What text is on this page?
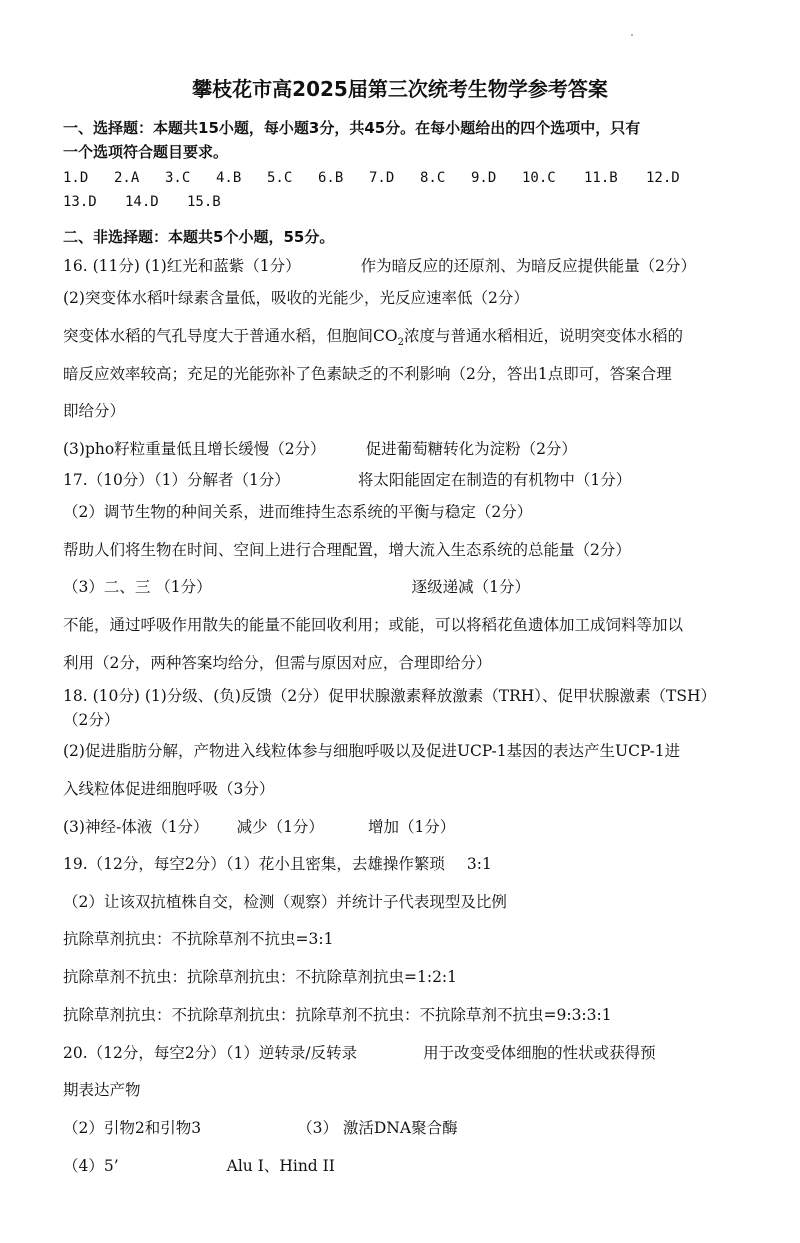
攀枝花市高2025届第三次统考生物学参考答案
一、选择题：本题共15小题，每小题3分，共45分。在每小题给出的四个选项中，只有
一个选项符合题目要求。
1.D 2.A 3.C 4.B 5.C 6.B 7.D 8.C 9.D 10.C 11.B 12.D
13.D 14.D 15.B
二、非选择题：本题共5个小题，55分。
16. (11分) (1)红光和蓝紫（1分）	作为暗反应的还原剂、为暗反应提供能量（2分）
(2)突变体水稻叶绿素含量低，吸收的光能少，光反应速率低（2分）
突变体水稻的气孔导度大于普通水稻，但胞间$CO_2$浓度与普通水稻相近，说明突变体水稻的
暗反应效率较高；充足的光能弥补了色素缺乏的不利影响（2分，答出1点即可，答案合理
即给分）
(3)pho籽粒重量低且增长缓慢（2分）	促进葡萄糖转化为淀粉（2分）
17.（10分）（1）分解者（1分）	将太阳能固定在制造的有机物中（1分）
（2）调节生物的种间关系，进而维持生态系统的平衡与稳定（2分）
帮助人们将生物在时间、空间上进行合理配置，增大流入生态系统的总能量（2分）
（3）二、三 （1分）	逐级递减（1分）
不能，通过呼吸作用散失的能量不能回收利用；或能，可以将稻花鱼遗体加工成饲料等加以
利用（2分，两种答案均给分，但需与原因对应，合理即给分）
18. (10分) (1)分级、(负)反馈（2分）促甲状腺激素释放激素（TRH）、促甲状腺激素（TSH）
（2分）
(2)促进脂肪分解，产物进入线粒体参与细胞呼吸以及促进UCP-1基因的表达产生UCP-1进
入线粒体促进细胞呼吸（3分）
(3)神经-体液（1分） 减少（1分）	增加（1分）
19.（12分，每空2分）（1）花小且密集，去雄操作繁琐 3:1
（2）让该双抗植株自交，检测（观察）并统计子代表现型及比例
抗除草剂抗虫：不抗除草剂不抗虫=3:1
抗除草剂不抗虫：抗除草剂抗虫：不抗除草剂抗虫=1:2:1
抗除草剂抗虫：不抗除草剂抗虫：抗除草剂不抗虫：不抗除草剂不抗虫=9:3:3:1
20.（12分，每空2分）（1）逆转录/反转录	用于改变受体细胞的性状或获得预
期表达产物
（2）引物2和引物3	（3） 激活DNA聚合酶
（4）5’	Alu I、Hind II
